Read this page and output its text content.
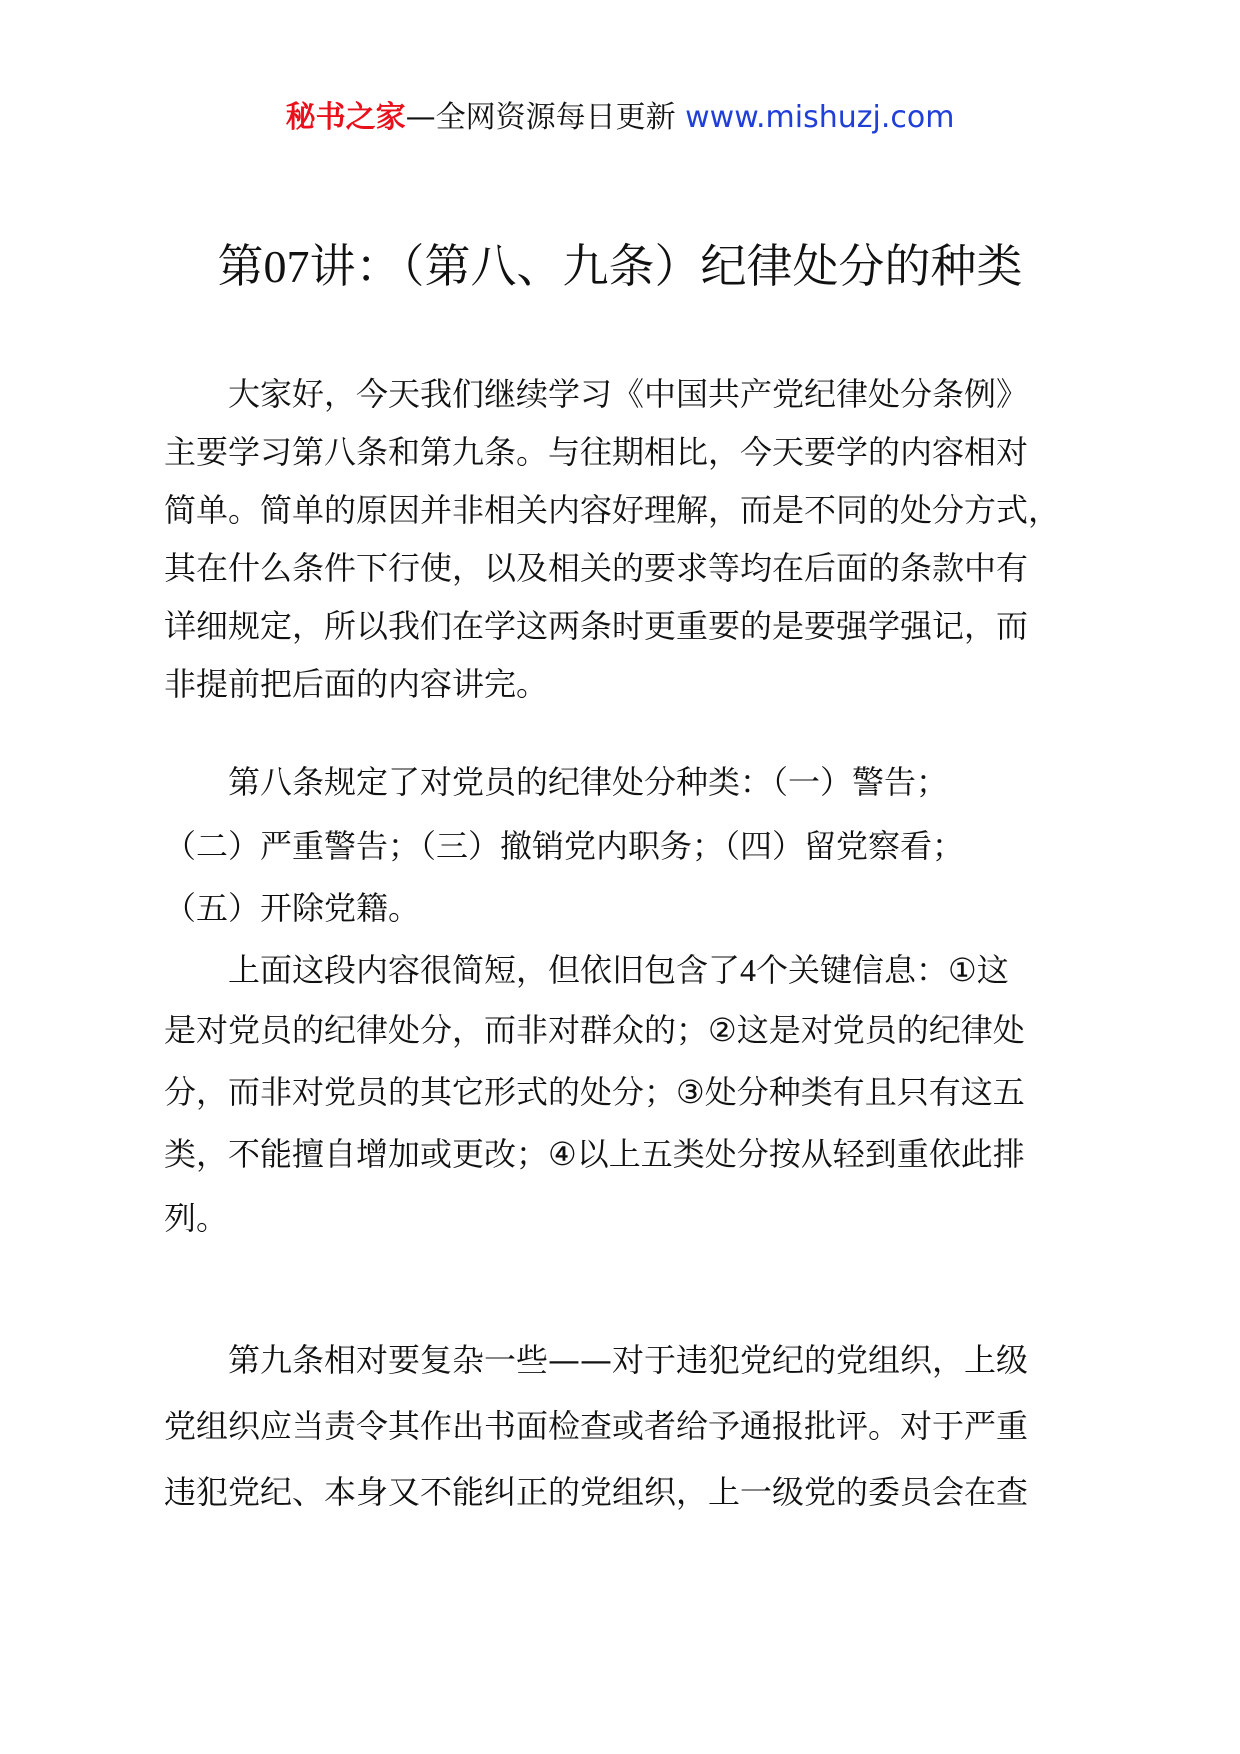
秘书之家—全网资源每日更新 www.mishuzj.com
第07讲：（第八、九条）纪律处分的种类
大家好，今天我们继续学习《中国共产党纪律处分条例》
主要学习第八条和第九条。与往期相比，今天要学的内容相对
简单。简单的原因并非相关内容好理解，而是不同的处分方式，
其在什么条件下行使，以及相关的要求等均在后面的条款中有
详细规定，所以我们在学这两条时更重要的是要强学强记，而
非提前把后面的内容讲完。
第八条规定了对党员的纪律处分种类：（一）警告；
（二）严重警告；（三）撤销党内职务；（四）留党察看；
（五）开除党籍。
上面这段内容很简短，但依旧包含了4个关键信息：①这
是对党员的纪律处分，而非对群众的；②这是对党员的纪律处
分，而非对党员的其它形式的处分；③处分种类有且只有这五
类，不能擅自增加或更改；④以上五类处分按从轻到重依此排
列。
第九条相对要复杂一些——对于违犯党纪的党组织，上级
党组织应当责令其作出书面检查或者给予通报批评。对于严重
违犯党纪、本身又不能纠正的党组织，上一级党的委员会在查
